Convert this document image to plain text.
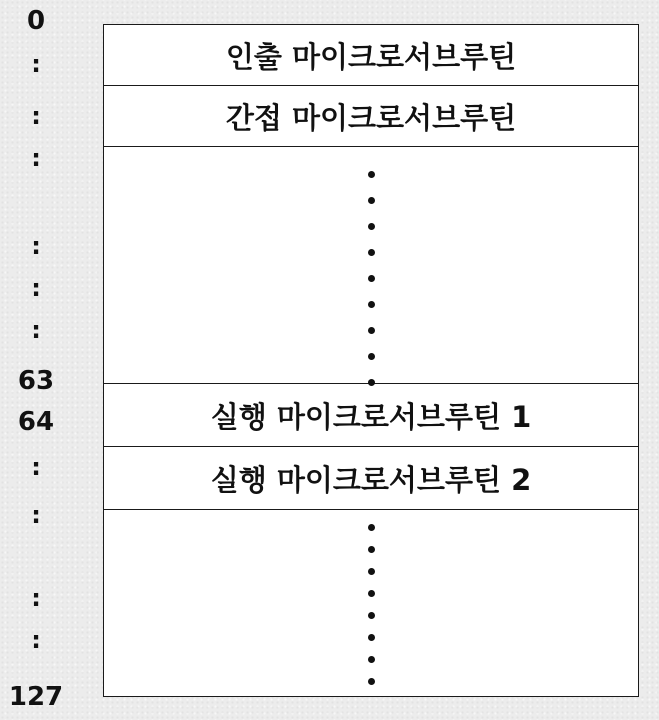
0
:
:
:
:
:
:
63
64
:
:
:
:
127
인출 마이크로서브루틴
간접 마이크로서브루틴
실행 마이크로서브루틴 1
실행 마이크로서브루틴 2
